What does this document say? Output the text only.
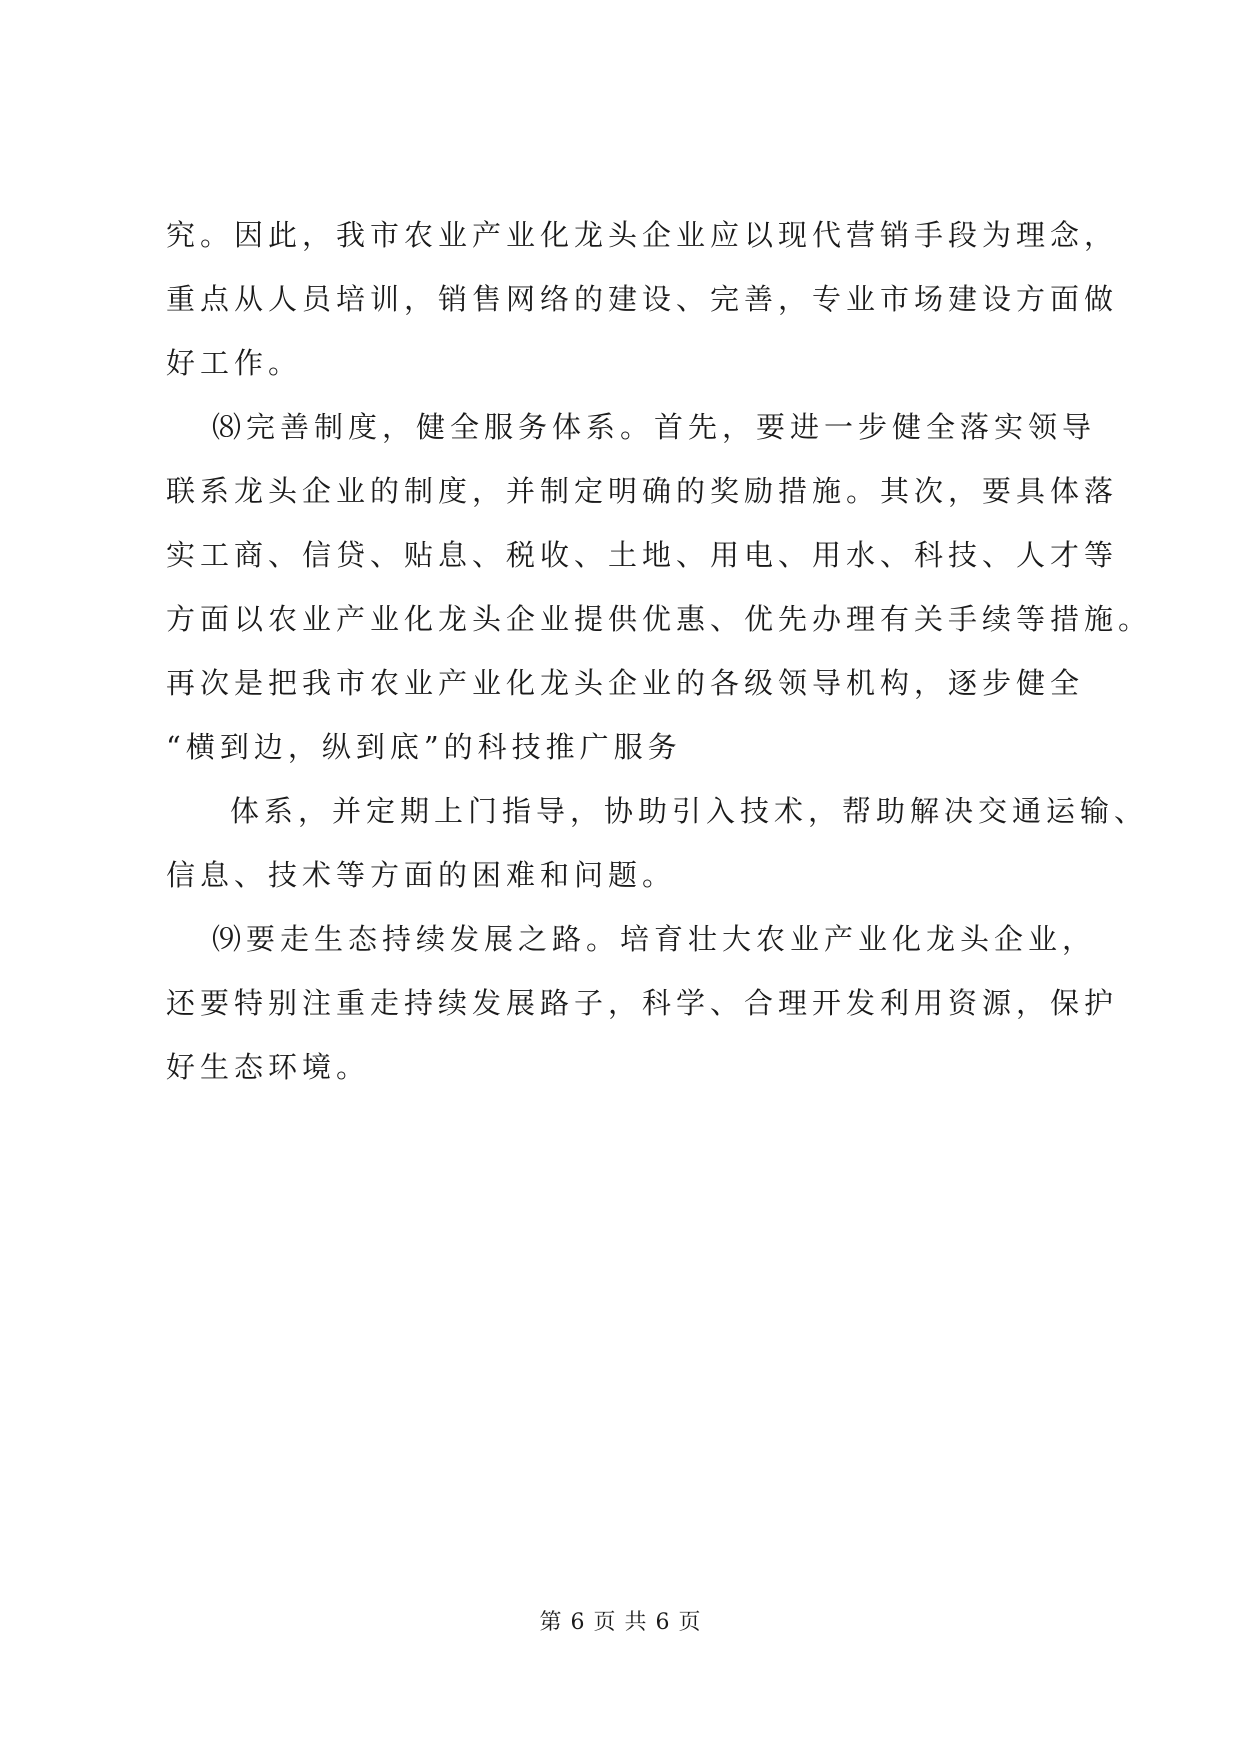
究。因此，我市农业产业化龙头企业应以现代营销手段为理念，
重点从人员培训，销售网络的建设、完善，专业市场建设方面做
好工作。
⑻完善制度，健全服务体系。首先，要进一步健全落实领导
联系龙头企业的制度，并制定明确的奖励措施。其次，要具体落
实工商、信贷、贴息、税收、土地、用电、用水、科技、人才等
方面以农业产业化龙头企业提供优惠、优先办理有关手续等措施。
再次是把我市农业产业化龙头企业的各级领导机构，逐步健全
“横到边，纵到底”的科技推广服务
体系，并定期上门指导，协助引入技术，帮助解决交通运输、
信息、技术等方面的困难和问题。
⑼要走生态持续发展之路。培育壮大农业产业化龙头企业，
还要特别注重走持续发展路子，科学、合理开发利用资源，保护
好生态环境。
第 6 页 共 6 页
